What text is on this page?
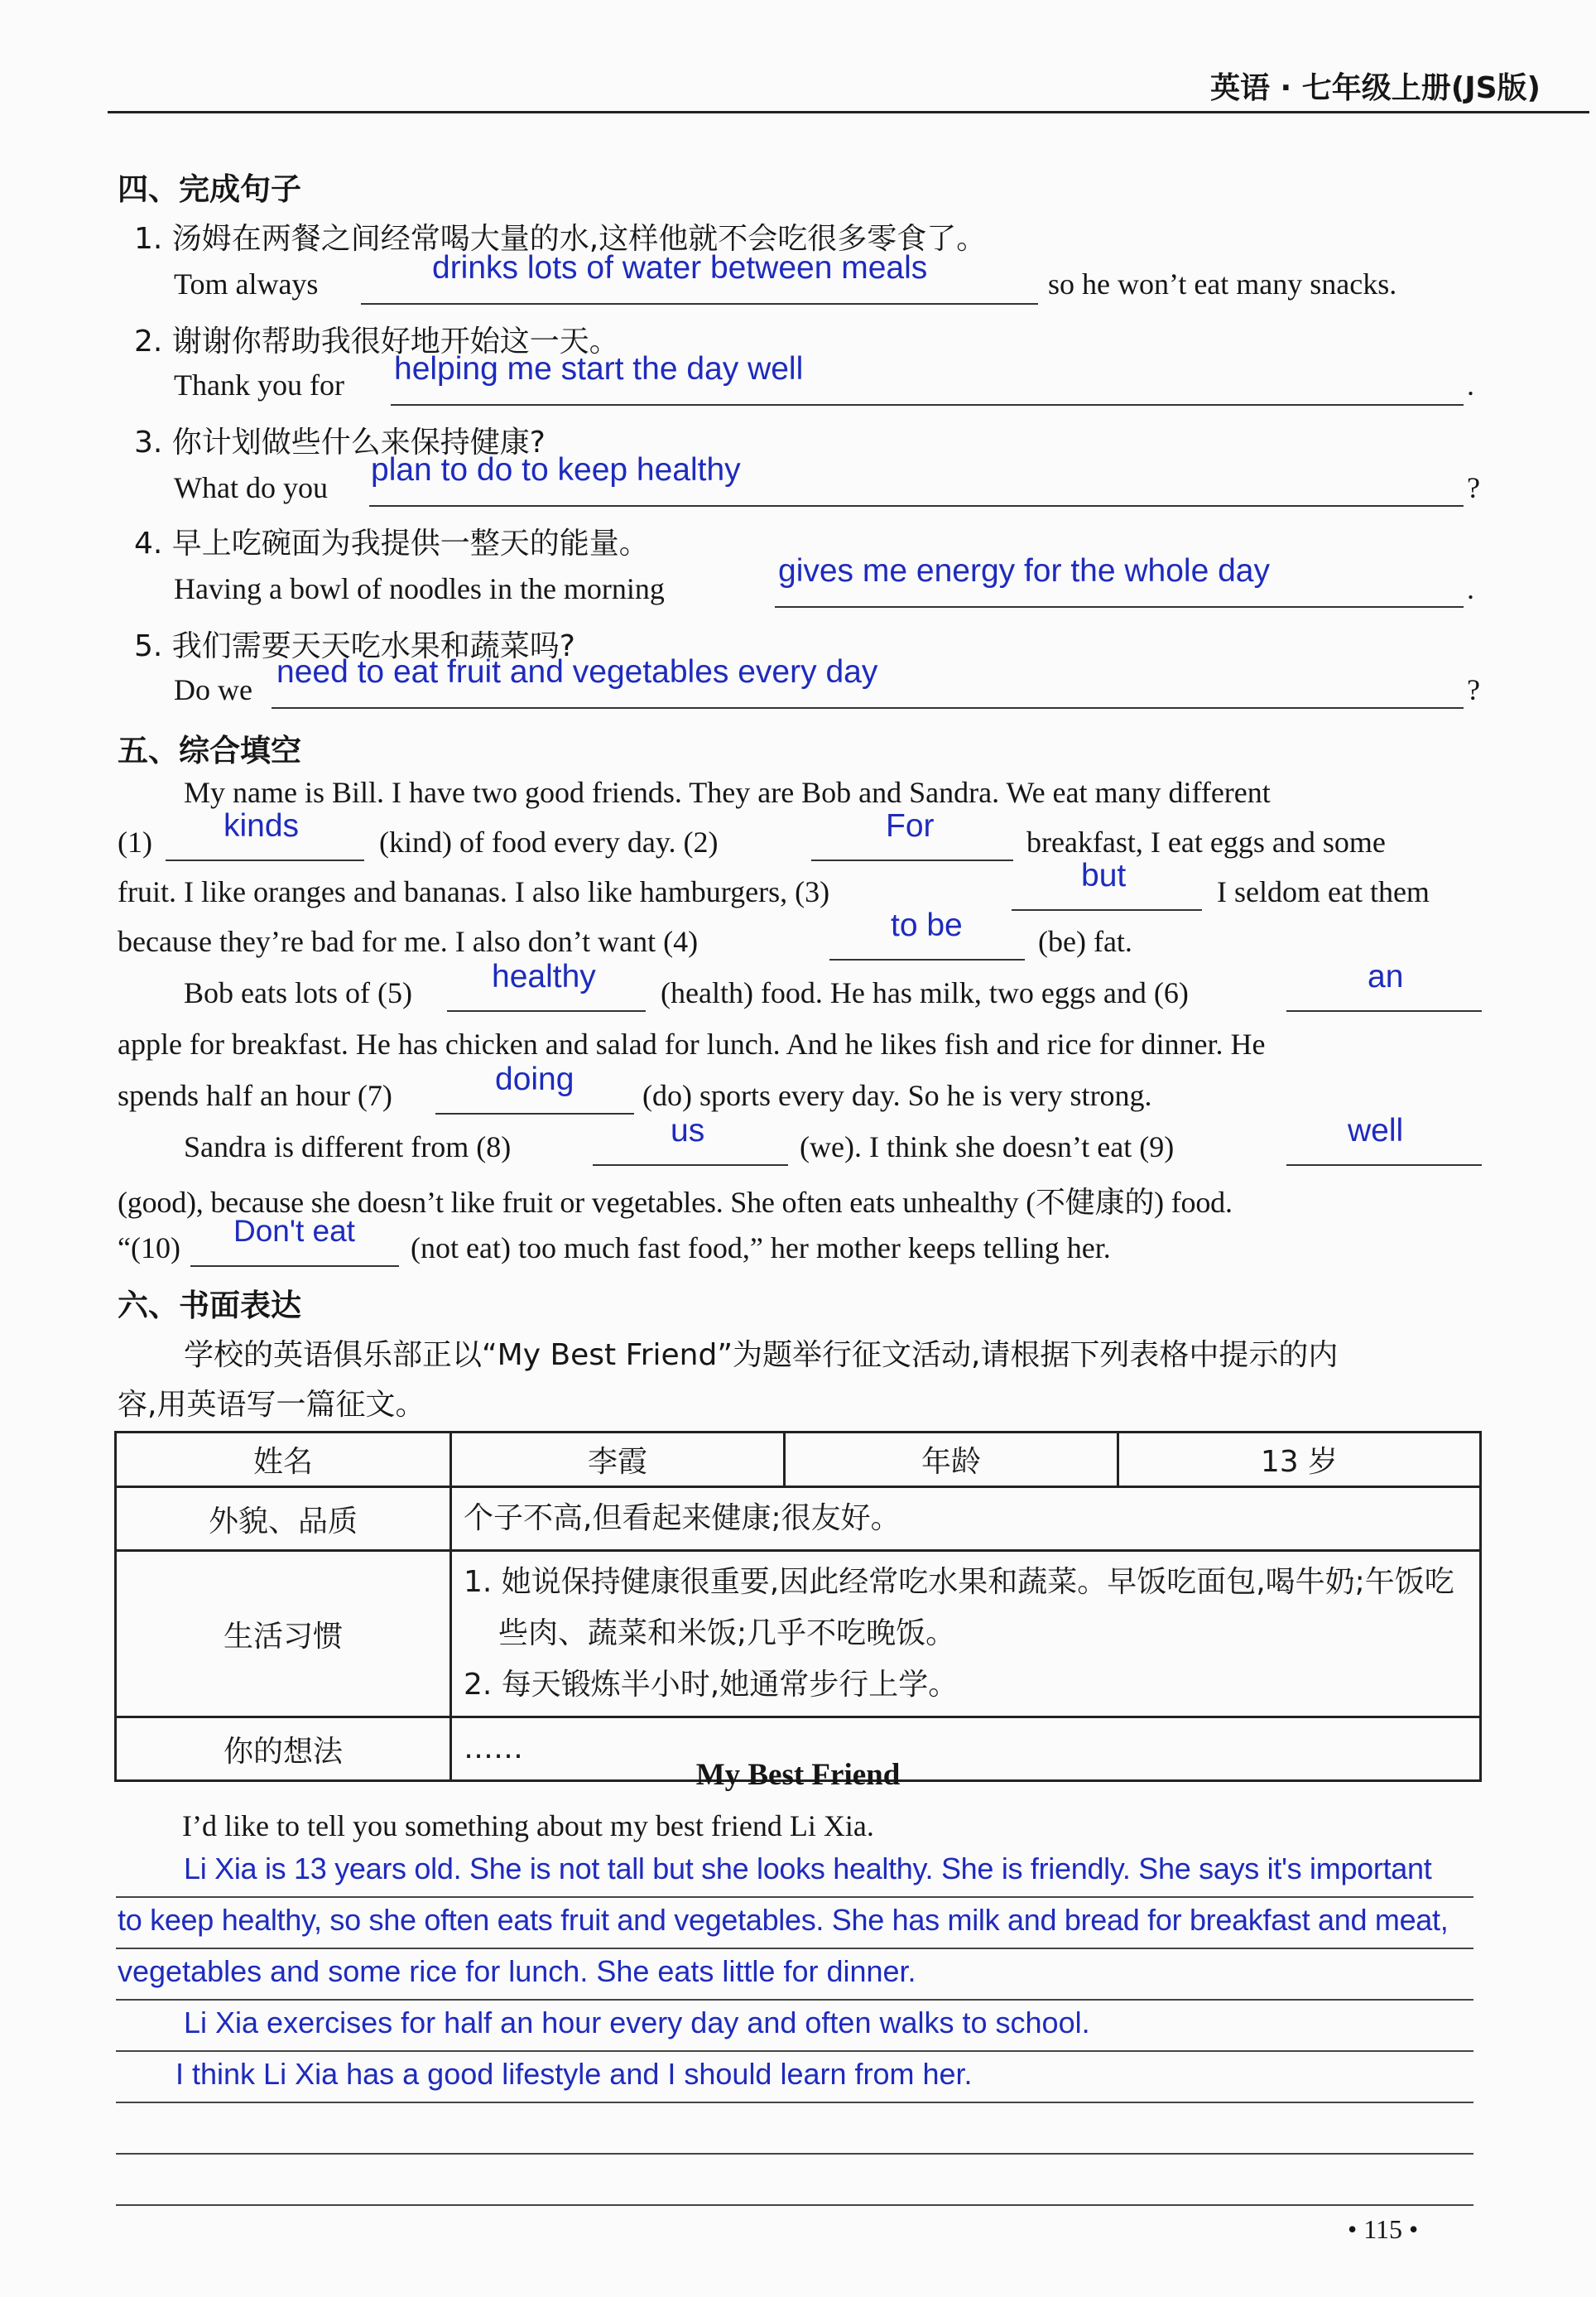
英语 · 七年级上册(JS版)
四、完成句子
1. 汤姆在两餐之间经常喝大量的水,这样他就不会吃很多零食了。
Tom always	drinks lots of water between meals	so he won’t eat many snacks.
2. 谢谢你帮助我很好地开始这一天。
Thank you for helping me start the day well	.
3. 你计划做些什么来保持健康?
What do you plan to do to keep healthy	?
4. 早上吃碗面为我提供一整天的能量。
Having a bowl of noodles in the morning	gives me energy for the whole day	.
5. 我们需要天天吃水果和蔬菜吗?
Do we need to eat fruit and vegetables every day	?
五、综合填空
My name is Bill. I have two good friends. They are Bob and Sandra. We eat many different
(1) kinds	(kind) of food every day. (2)	For	breakfast, I eat eggs and some
fruit. I like oranges and bananas. I also like hamburgers, (3)	but	I seldom eat them
because they’re bad for me. I also don’t want (4)	to be	(be) fat.
Bob eats lots of (5) healthy (health) food. He has milk, two eggs and (6)	an
apple for breakfast. He has chicken and salad for lunch. And he likes fish and rice for dinner. He
spends half an hour (7)	doing (do) sports every day. So he is very strong.
Sandra is different from (8)	us	(we). I think she doesn’t eat (9)	well
(good), because she doesn’t like fruit or vegetables. She often eats unhealthy (不健康的) food.
“(10) Don't eat (not eat) too much fast food,” her mother keeps telling her.
六、书面表达
学校的英语俱乐部正以“My Best Friend”为题举行征文活动,请根据下列表格中提示的内
容,用英语写一篇征文。
姓名	李霞	年龄	13 岁
外貌、品质	个子不高,但看起来健康;很友好。		
生活习惯	1. 她说保持健康很重要,因此经常吃水果和蔬菜。早饭吃面包,喝牛奶;午饭吃些肉、蔬菜和米饭;几乎不吃晚饭。
2. 每天锻炼半小时,她通常步行上学。		

你的想法	……		
My Best Friend
I’d like to tell you something about my best friend Li Xia.
Li Xia is 13 years old. She is not tall but she looks healthy. She is friendly. She says it's important
to keep healthy, so she often eats fruit and vegetables. She has milk and bread for breakfast and meat,
vegetables and some rice for lunch. She eats little for dinner.
Li Xia exercises for half an hour every day and often walks to school.
I think Li Xia has a good lifestyle and I should learn from her.
• 115 •
